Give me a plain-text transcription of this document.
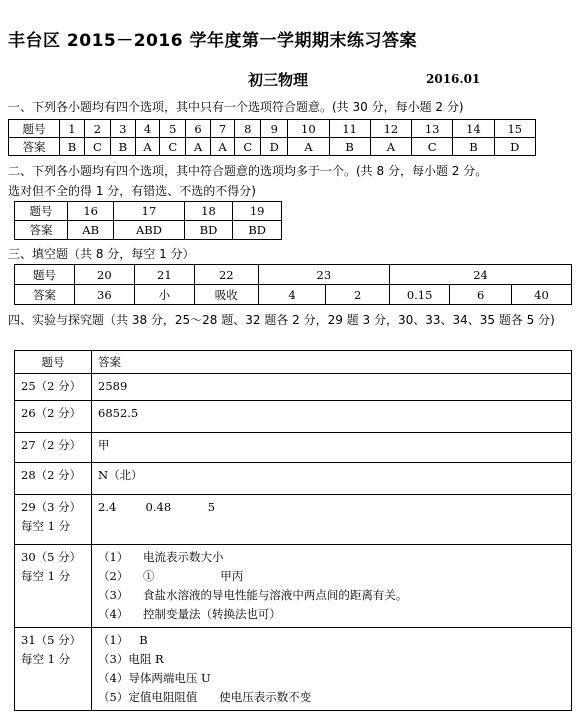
丰台区 2015－2016 学年度第一学期期末练习答案
初三物理	2016.01
一、下列各小题均有四个选项，其中只有一个选项符合题意。(共 30 分，每小题 2 分)
题号	1	2	3	4	5	6	7	8	9	10	11	12	13	14	15
答案	B	C	B	A	C	A	A	C	D	A	B	A	C	B	D
二、下列各小题均有四个选项，其中符合题意的选项均多于一个。(共 8 分，每小题 2 分。
选对但不全的得 1 分，有错选、不选的不得分)
题号	16	17	18	19
答案	AB	ABD	BD	BD
三、填空题（共 8 分，每空 1 分）
题号	20	21	22	23		24		
答案	36	小	吸收	4	2	0.15	6	40
四、实验与探究题（共 38 分，25～28 题、32 题各 2 分，29 题 3 分，30、33、34、35 题各 5 分)
题号	答案

25（2 分）	2589

26（2 分）	6852.5

27（2 分）	甲

28（2 分）	N（北）

29（3 分）
每空 1 分	2.4        0.48          5

30（5 分）
每空 1 分	（1）    电流表示数大小
（2）    ①                  甲丙
（3）    食盐水溶液的导电性能与溶液中两点间的距离有关。
（4）    控制变量法（转换法也可）

31（5 分）
每空 1 分	（1）   B
（3）电阻 R
（4）导体两端电压 U
（5）定值电阻阻值      使电压表示数不变
